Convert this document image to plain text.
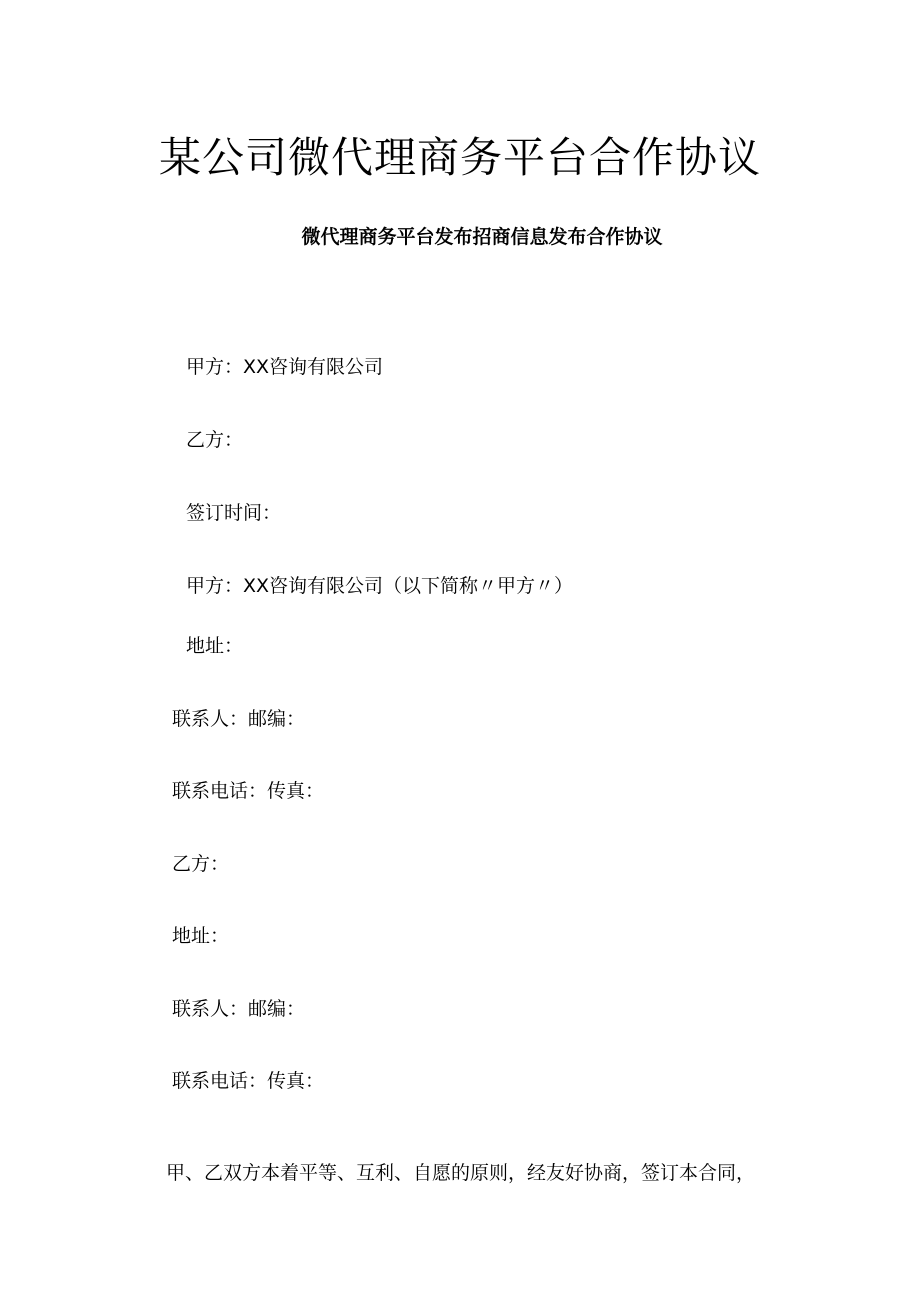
某公司微代理商务平台合作协议
微代理商务平台发布招商信息发布合作协议

甲方：XX咨询有限公司

乙方：

签订时间：

甲方：XX咨询有限公司（以下简称〃甲方〃）

地址：

联系人：邮编：

联系电话：传真：

乙方：

地址：

联系人：邮编：

联系电话：传真：

甲、乙双方本着平等、互利、自愿的原则，经友好协商，签订本合同，
